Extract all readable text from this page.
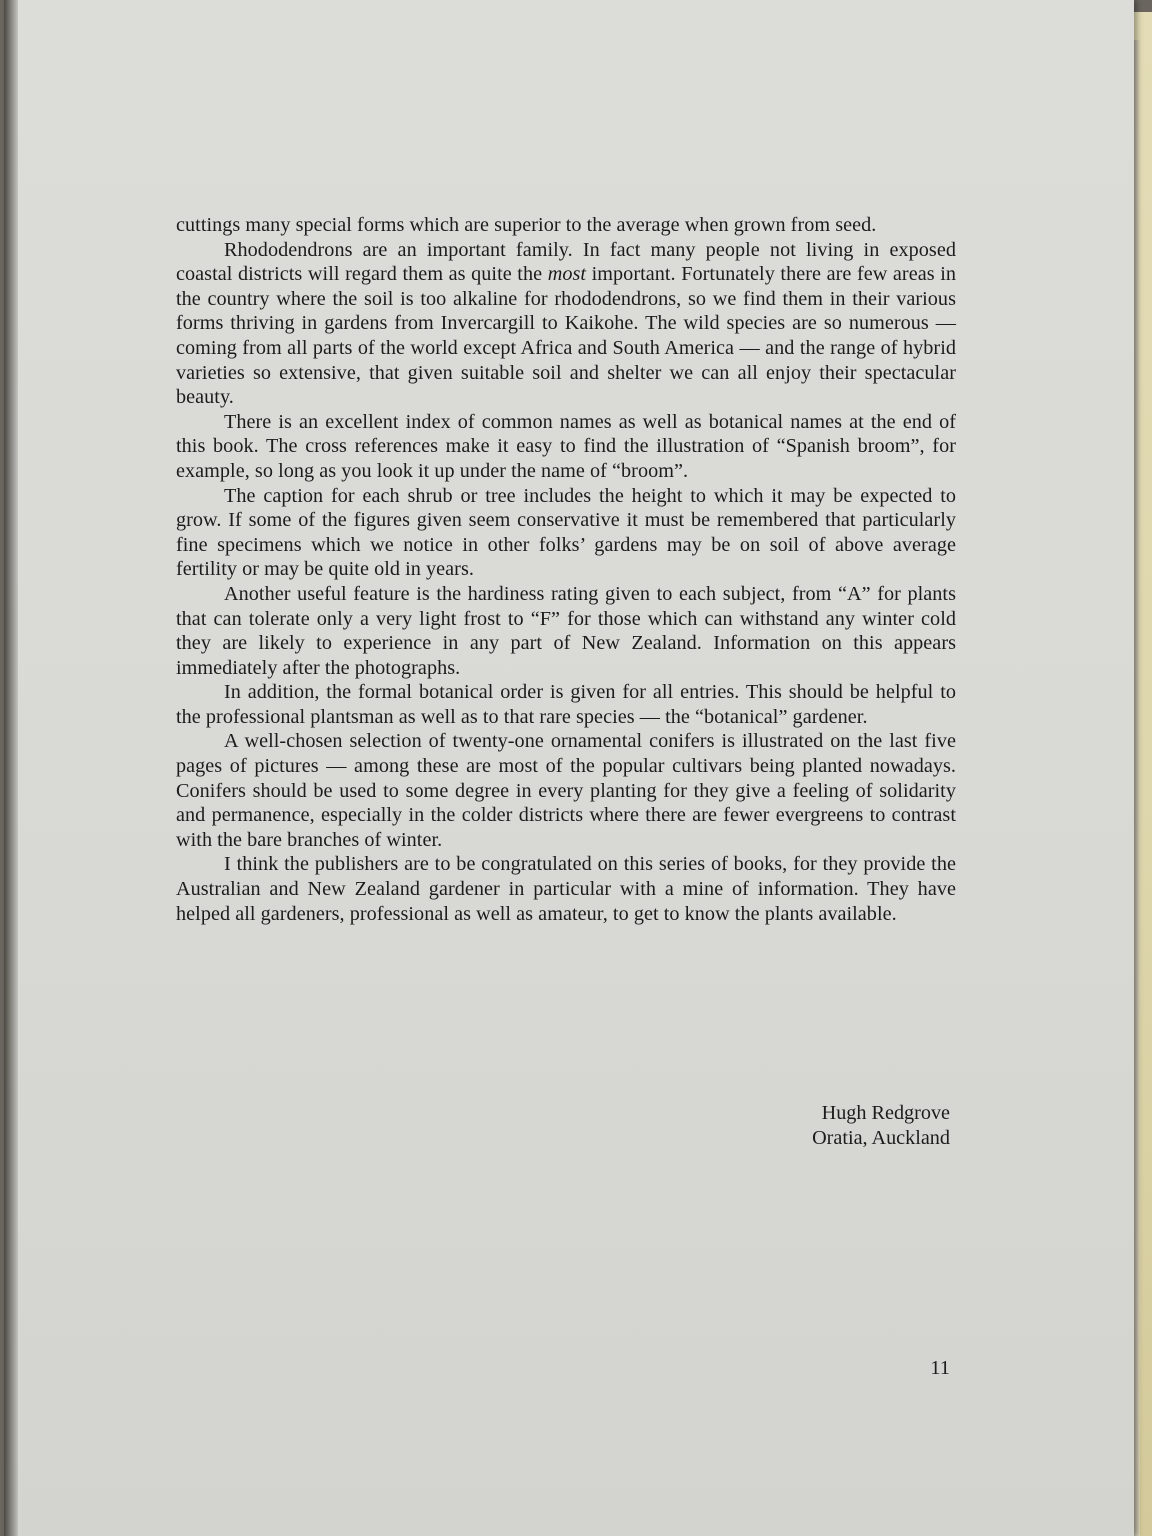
cuttings many special forms which are superior to the average when grown from seed.

Rhododendrons are an important family. In fact many people not living in exposed coastal districts will regard them as quite the most important. Fortunately there are few areas in the country where the soil is too alkaline for rhododendrons, so we find them in their various forms thriving in gardens from Invercargill to Kaikohe. The wild species are so numerous — coming from all parts of the world except Africa and South America — and the range of hybrid varieties so extensive, that given suitable soil and shelter we can all enjoy their spectacular beauty.

There is an excellent index of common names as well as botanical names at the end of this book. The cross references make it easy to find the illustration of “Spanish broom”, for example, so long as you look it up under the name of “broom”.

The caption for each shrub or tree includes the height to which it may be expected to grow. If some of the figures given seem conservative it must be remembered that particularly fine specimens which we notice in other folks’ gardens may be on soil of above average fertility or may be quite old in years.

Another useful feature is the hardiness rating given to each subject, from “A” for plants that can tolerate only a very light frost to “F” for those which can withstand any winter cold they are likely to experience in any part of New Zealand. Information on this appears immediately after the photographs.

In addition, the formal botanical order is given for all entries. This should be helpful to the professional plantsman as well as to that rare species — the “botanical” gardener.

A well-chosen selection of twenty-one ornamental conifers is illustrated on the last five pages of pictures — among these are most of the popular cultivars being planted nowadays. Conifers should be used to some degree in every planting for they give a feeling of solidarity and permanence, especially in the colder districts where there are fewer evergreens to contrast with the bare branches of winter.

I think the publishers are to be congratulated on this series of books, for they provide the Australian and New Zealand gardener in particular with a mine of information. They have helped all gardeners, professional as well as amateur, to get to know the plants available.

Hugh Redgrove
Oratia, Auckland
11
